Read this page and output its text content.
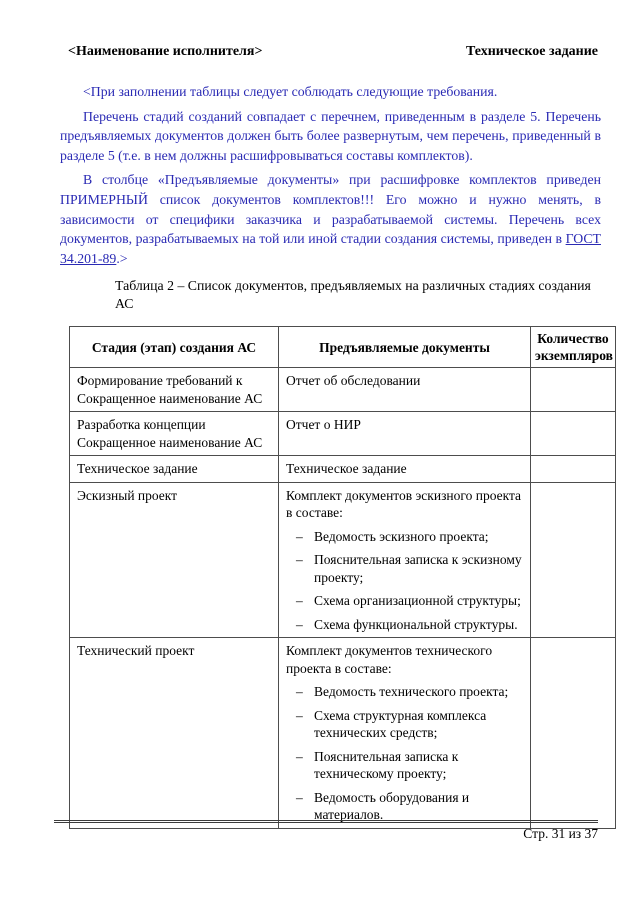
<Наименование исполнителя>	Техническое задание

<При заполнении таблицы следует соблюдать следующие требования.

Перечень стадий созданий совпадает с перечнем, приведенным в разделе 5. Перечень предъявляемых документов должен быть более развернутым, чем перечень, приведенный в разделе 5 (т.е. в нем должны расшифровываться составы комплектов).

В столбце «Предъявляемые документы» при расшифровке комплектов приведен ПРИМЕРНЫЙ список документов комплектов!!! Его можно и нужно менять, в зависимости от специфики заказчика и разрабатываемой системы. Перечень всех документов, разрабатываемых на той или иной стадии создания системы, приведен в ГОСТ 34.201-89.>

Таблица 2 – Список документов, предъявляемых на различных стадиях создания АС
Стадия (этап) создания АС	Предъявляемые документы	Количество экземпляров
Формирование требований к Сокращенное наименование АС	Отчет об обследовании	

Разработка концепции Сокращенное наименование АС	Отчет о НИР	

Техническое задание	Техническое задание	

Эскизный проект	Комплект документов эскизного проекта в составе:
– Ведомость эскизного проекта;
– Пояснительная записка к эскизному проекту;
– Схема организационной структуры;
– Схема функциональной структуры.

Технический проект	Комплект документов технического проекта в составе:
– Ведомость технического проекта;
– Схема структурная комплекса технических средств;
– Пояснительная записка к техническому проекту;
– Ведомость оборудования и материалов.

Стр. 31 из 37
